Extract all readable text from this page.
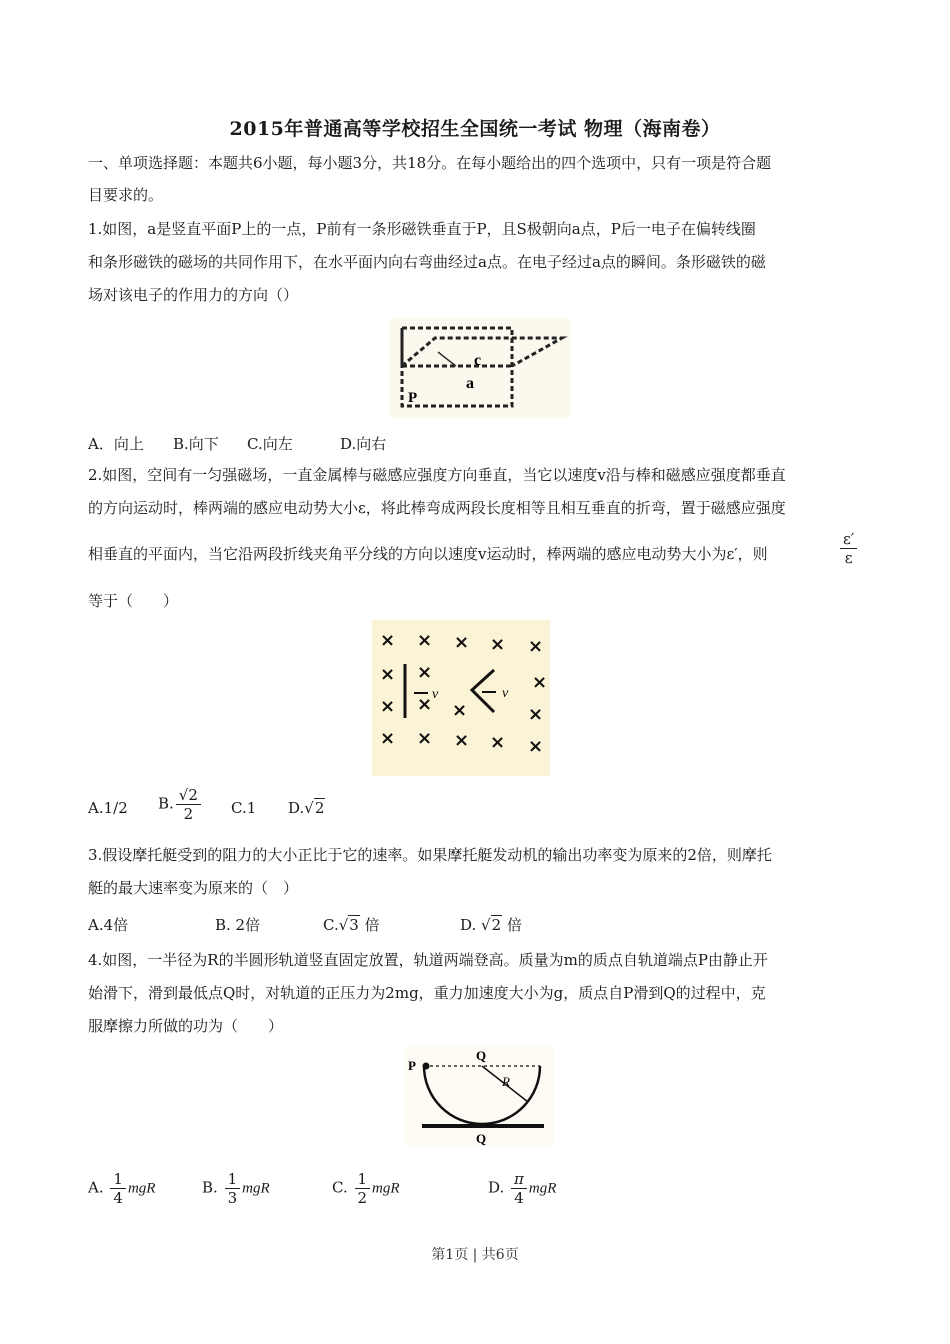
2015年普通高等学校招生全国统一考试 物理（海南卷）
一、单项选择题：本题共6小题，每小题3分，共18分。在每小题给出的四个选项中，只有一项是符合题
目要求的。
1.如图，a是竖直平面P上的一点，P前有一条形磁铁垂直于P，且S极朝向a点，P后一电子在偏转线圈
和条形磁铁的磁场的共同作用下，在水平面内向右弯曲经过a点。在电子经过a点的瞬间。条形磁铁的磁
场对该电子的作用力的方向（）
c
a
P
A．向上 B.向下 C.向左	D.向右
2.如图，空间有一匀强磁场，一直金属棒与磁感应强度方向垂直，当它以速度v沿与棒和磁感应强度都垂直
的方向运动时，棒两端的感应电动势大小ε，将此棒弯成两段长度相等且相互垂直的折弯，置于磁感应强度
相垂直的平面内，当它沿两段折线夹角平分线的方向以速度v运动时，棒两端的感应电动势大小为ε′，则	$\frac{\varepsilon'}{\varepsilon}$
等于（　　）
× × × × ×
× ×	×
× × ×	×
× × × × ×
v	v
A.1/2 B. $\frac{√2}{2} C.1$ D.√2
3.假设摩托艇受到的阻力的大小正比于它的速率。如果摩托艇发动机的输出功率变为原来的2倍，则摩托
艇的最大速率变为原来的（　）
A.4倍	B. 2倍	C.√3 倍	D. √2 倍
4.如图，一半径为R的半圆形轨道竖直固定放置，轨道两端登高。质量为m的质点自轨道端点P由静止开
始滑下，滑到最低点Q时，对轨道的正压力为2mg，重力加速度大小为g，质点自P滑到Q的过程中，克
服摩擦力所做的功为（　　）
P
Q
R
Q
A. $\frac{1}{4}$ mgR	B. $\frac{1}{3}$ mgR	C. $\frac{1}{2}$ mgR	D. $\frac{\pi}{4}$ mgR
第1页 | 共6页
